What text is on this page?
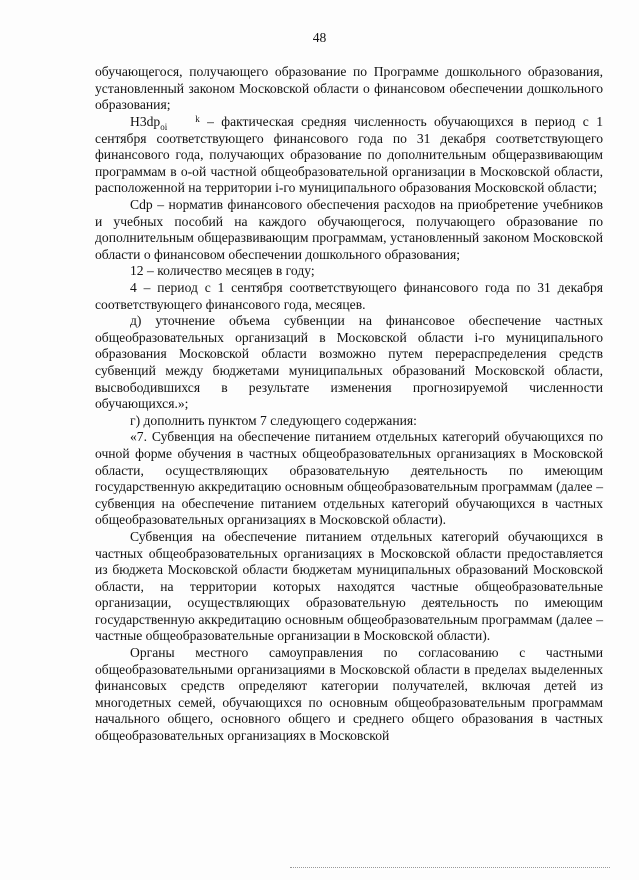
48

обучающегося, получающего образование по Программе дошкольного образования, установленный законом Московской области о финансовом обеспечении дошкольного образования;

Н3dp	k
oi – фактическая средняя численность обучающихся в период с 1 сентября соответствующего финансового года по 31 декабря соответствующего финансового года, получающих образование по дополнительным общеразвивающим программам в о-ой частной общеобразовательной организации в Московской области, расположенной на территории i-го муниципального образования Московской области;

Cdp – норматив финансового обеспечения расходов на приобретение учебников и учебных пособий на каждого обучающегося, получающего образование по дополнительным общеразвивающим программам, установленный законом Московской области о финансовом обеспечении дошкольного образования;

12 – количество месяцев в году;

4 – период с 1 сентября соответствующего финансового года по 31 декабря соответствующего финансового года, месяцев.

д) уточнение объема субвенции на финансовое обеспечение частных общеобразовательных организаций в Московской области i-го муниципального образования Московской области возможно путем перераспределения средств субвенций между бюджетами муниципальных образований Московской области, высвободившихся в результате изменения прогнозируемой численности обучающихся.»;

г) дополнить пунктом 7 следующего содержания:

«7. Субвенция на обеспечение питанием отдельных категорий обучающихся по очной форме обучения в частных общеобразовательных организациях в Московской области, осуществляющих образовательную деятельность по имеющим государственную аккредитацию основным общеобразовательным программам (далее – субвенция на обеспечение питанием отдельных категорий обучающихся в частных общеобразовательных организациях в Московской области).

Субвенция на обеспечение питанием отдельных категорий обучающихся в частных общеобразовательных организациях в Московской области предоставляется из бюджета Московской области бюджетам муниципальных образований Московской области, на территории которых находятся частные общеобразовательные организации, осуществляющих образовательную деятельность по имеющим государственную аккредитацию основным общеобразовательным программам (далее – частные общеобразовательные организации в Московской области).

Органы местного самоуправления по согласованию с частными общеобразовательными организациями в Московской области в пределах выделенных финансовых средств определяют категории получателей, включая детей из многодетных семей, обучающихся по основным общеобразовательным программам начального общего, основного общего и среднего общего образования в частных общеобразовательных организациях в Московской
